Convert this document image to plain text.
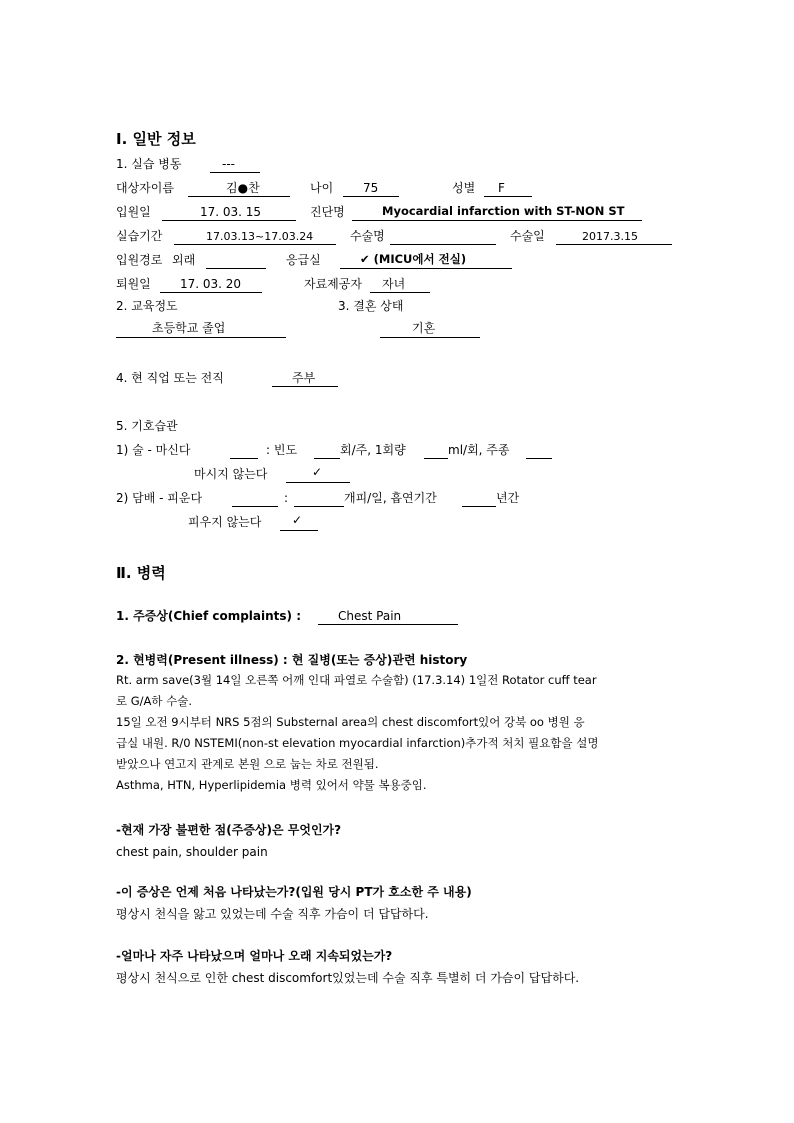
Ⅰ. 일반 정보
1. 실습 병동	---
대상자이름	김●찬	나이 75	성별 F
입원일	17. 03. 15	진단명	Myocardial infarction with ST-NON ST
실습기간	17.03.13~17.03.24	수술명	수술일	2017.3.15
입원경로 외래	응급실	✔ (MICU에서 전실)
퇴원일 17. 03. 20	자료제공자 자녀
2. 교육정도	3. 결혼 상태
초등학교 졸업	기혼
4. 현 직업 또는 전직	주부
5. 기호습관
1) 술 - 마신다	: 빈도	회/주, 1회량	ml/회, 주종
마시지 않는다	✓
2) 담배 - 피운다	:	개피/일, 흡연기간	년간
피우지 않는다	✓
Ⅱ. 병력
1. 주증상(Chief complaints) :	Chest Pain
2. 현병력(Present illness) : 현 질병(또는 증상)관련 history
Rt. arm save(3월 14일 오른쪽 어깨 인대 파열로 수술함) (17.3.14) 1일전 Rotator cuff tear
로 G/A하 수술.
15일 오전 9시부터 NRS 5점의 Substernal area의 chest discomfort있어 강북 oo 병원 응
급실 내원. R/0 NSTEMI(non-st elevation myocardial infarction)추가적 처치 필요함을 설명
받았으나 연고지 관계로 본원 으로 눕는 차로 전원됨.
Asthma, HTN, Hyperlipidemia 병력 있어서 약물 복용중임.
-현재 가장 불편한 점(주증상)은 무엇인가?
chest pain, shoulder pain
-이 증상은 언제 처음 나타났는가?(입원 당시 PT가 호소한 주 내용)
평상시 천식을 앓고 있었는데 수술 직후 가슴이 더 답답하다.
-얼마나 자주 나타났으며 얼마나 오래 지속되었는가?
평상시 천식으로 인한 chest discomfort있었는데 수술 직후 특별히 더 가슴이 답답하다.
